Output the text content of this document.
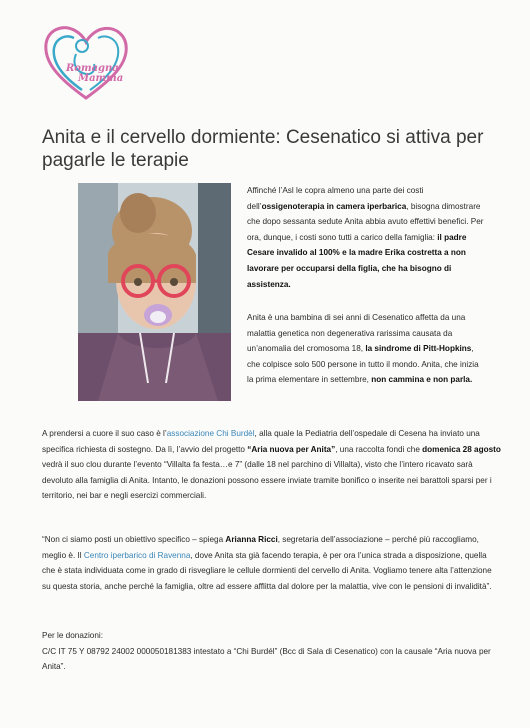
Romagna
Mamma
Anita e il cervello dormiente: Cesenatico si attiva per pagarle le terapie

Affinché l’Asl le copra almeno una parte dei costi dell’ossigenoterapia in camera iperbarica, bisogna dimostrare che dopo sessanta sedute Anita abbia avuto effettivi benefici. Per ora, dunque, i costi sono tutti a carico della famiglia: il padre Cesare invalido al 100% e la madre Erika costretta a non lavorare per occuparsi della figlia, che ha bisogno di assistenza.

Anita è una bambina di sei anni di Cesenatico affetta da una malattia genetica non degenerativa rarissima causata da un’anomalia del cromosoma 18, la sindrome di Pitt-Hopkins, che colpisce solo 500 persone in tutto il mondo. Anita, che inizia la prima elementare in settembre, non cammina e non parla.

A prendersi a cuore il suo caso è l’associazione Chi Burdèl, alla quale la Pediatria dell’ospedale di Cesena ha inviato una specifica richiesta di sostegno. Da lì, l’avvio del progetto “Aria nuova per Anita”, una raccolta fondi che domenica 28 agosto vedrà il suo clou durante l’evento “Villalta fa festa…e 7” (dalle 18 nel parchino di Villalta), visto che l’intero ricavato sarà devoluto alla famiglia di Anita. Intanto, le donazioni possono essere inviate tramite bonifico o inserite nei barattoli sparsi per i territorio, nei bar e negli esercizi commerciali.

“Non ci siamo posti un obiettivo specifico – spiega Arianna Ricci, segretaria dell’associazione – perché più raccogliamo, meglio è. Il Centro iperbarico di Ravenna, dove Anita sta già facendo terapia, è per ora l’unica strada a disposizione, quella che è stata individuata come in grado di risvegliare le cellule dormienti del cervello di Anita. Vogliamo tenere alta l’attenzione su questa storia, anche perché la famiglia, oltre ad essere afflitta dal dolore per la malattia, vive con le pensioni di invalidità”.

Per le donazioni:
C/C IT 75 Y 08792 24002 000050181383 intestato a “Chi Burdél” (Bcc di Sala di Cesenatico) con la causale “Aria nuova per Anita”.
